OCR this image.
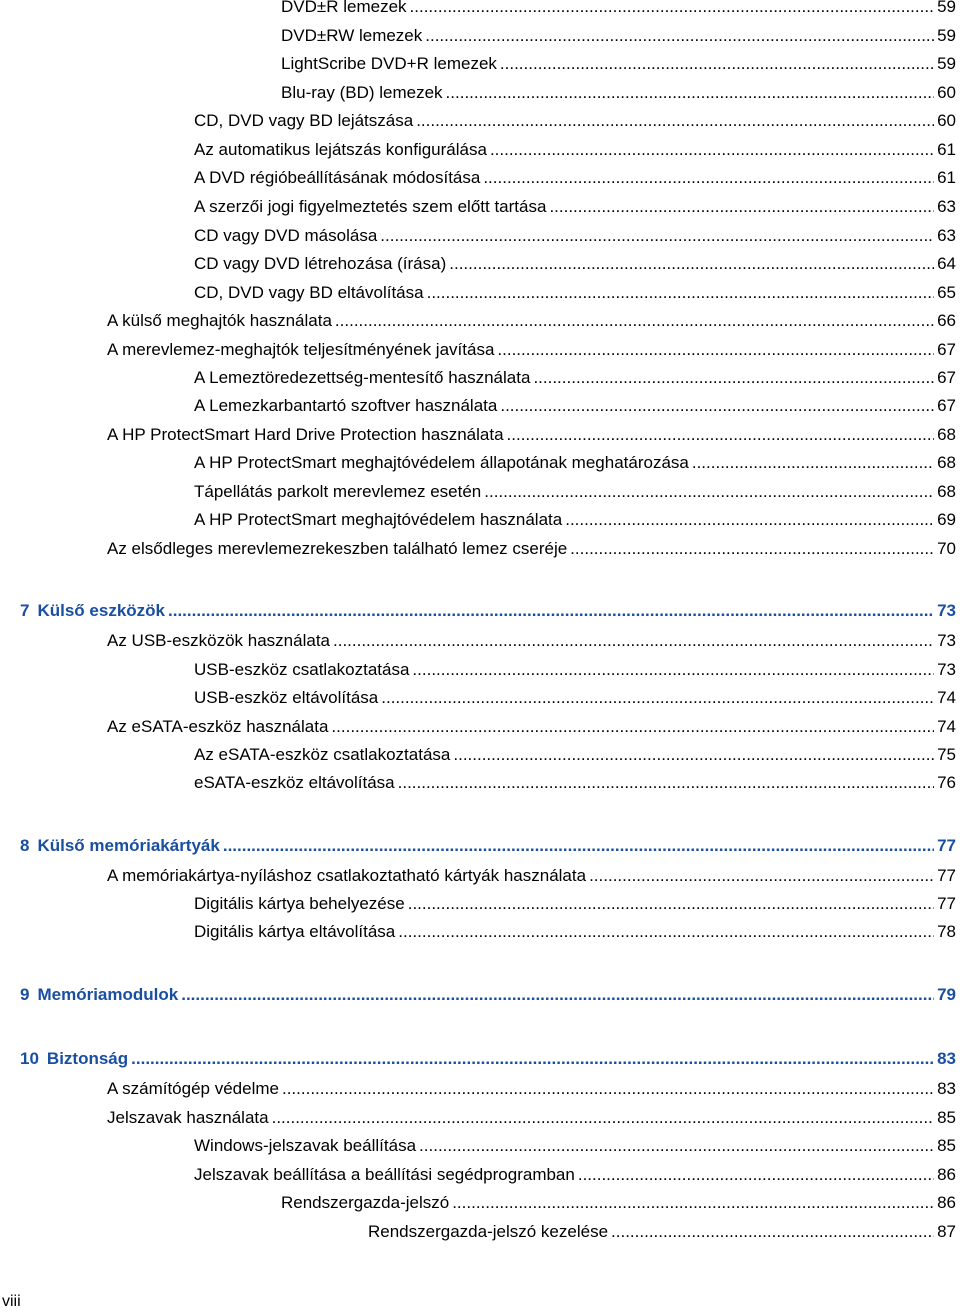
DVD±R lemezek .....	59
DVD±RW lemezek .....	59
LightScribe DVD+R lemezek .....	59
Blu-ray (BD) lemezek .....	60
CD, DVD vagy BD lejátszása .....	60
Az automatikus lejátszás konfigurálása .....	61
A DVD régióbeállításának módosítása .....	61
A szerzői jogi figyelmeztetés szem előtt tartása .....	63
CD vagy DVD másolása .....	63
CD vagy DVD létrehozása (írása) .....	64
CD, DVD vagy BD eltávolítása .....	65
A külső meghajtók használata .....	66
A merevlemez-meghajtók teljesítményének javítása .....	67
A Lemeztöredezettség-mentesítő használata .....	67
A Lemezkarbantartó szoftver használata .....	67
A HP ProtectSmart Hard Drive Protection használata .....	68
A HP ProtectSmart meghajtóvédelem állapotának meghatározása .....	68
Tápellátás parkolt merevlemez esetén .....	68
A HP ProtectSmart meghajtóvédelem használata .....	69
Az elsődleges merevlemezrekeszben található lemez cseréje .....	70
7 Külső eszközök .....	73
Az USB-eszközök használata .....	73
USB-eszköz csatlakoztatása .....	73
USB-eszköz eltávolítása .....	74
Az eSATA-eszköz használata .....	74
Az eSATA-eszköz csatlakoztatása .....	75
eSATA-eszköz eltávolítása .....	76
8 Külső memóriakártyák .....	77
A memóriakártya-nyíláshoz csatlakoztatható kártyák használata .....	77
Digitális kártya behelyezése .....	77
Digitális kártya eltávolítása .....	78
9 Memóriamodulok .....	79
10 Biztonság .....	83
A számítógép védelme .....	83
Jelszavak használata .....	85
Windows-jelszavak beállítása .....	85
Jelszavak beállítása a beállítási segédprogramban .....	86
Rendszergazda-jelszó .....	86
Rendszergazda-jelszó kezelése .....	87
viii
